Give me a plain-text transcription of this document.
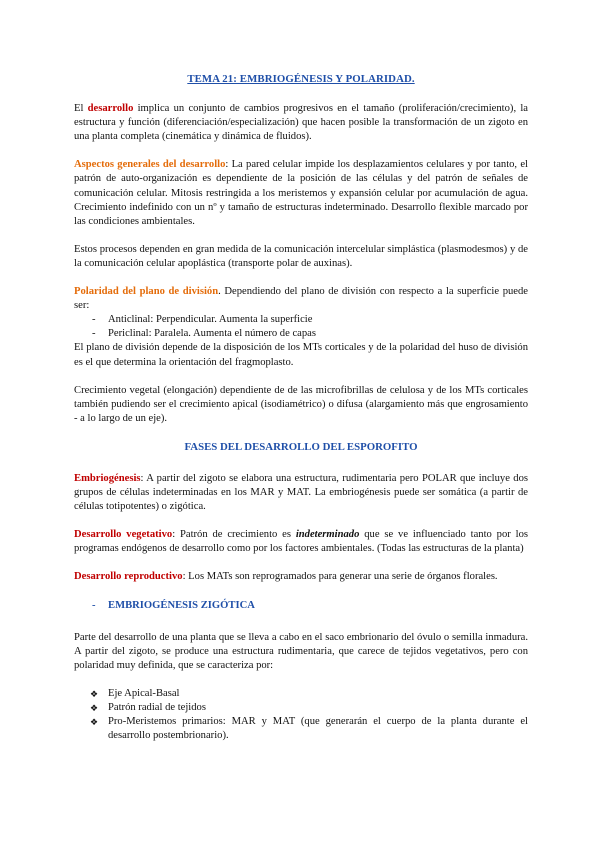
TEMA 21: EMBRIOGÉNESIS Y POLARIDAD.

El desarrollo implica un conjunto de cambios progresivos en el tamaño (proliferación/crecimiento), la estructura y función (diferenciación/especialización) que hacen posible la transformación de un zigoto en una planta completa (cinemática y dinámica de fluidos).

Aspectos generales del desarrollo: La pared celular impide los desplazamientos celulares y por tanto, el patrón de auto-organización es dependiente de la posición de las células y del patrón de señales de comunicación celular. Mitosis restringida a los meristemos y expansión celular por acumulación de agua. Crecimiento indefinido con un nº y tamaño de estructuras indeterminado. Desarrollo flexible marcado por las condiciones ambientales.

Estos procesos dependen en gran medida de la comunicación intercelular simplástica (plasmodesmos) y de la comunicación celular apoplástica (transporte polar de auxinas).

Polaridad del plano de división. Dependiendo del plano de división con respecto a la superficie puede ser:

- Anticlinal: Perpendicular. Aumenta la superficie
- Periclinal: Paralela. Aumenta el número de capas

El plano de división depende de la disposición de los MTs corticales y de la polaridad del huso de división es el que determina la orientación del fragmoplasto.

Crecimiento vegetal (elongación) dependiente de de las microfibrillas de celulosa y de los MTs corticales también pudiendo ser el crecimiento apical (isodiamétrico) o difusa (alargamiento más que engrosamiento - a lo largo de un eje).

FASES DEL DESARROLLO DEL ESPOROFITO

Embriogénesis: A partir del zigoto se elabora una estructura, rudimentaria pero POLAR que incluye dos grupos de células indeterminadas en los MAR y MAT. La embriogénesis puede ser somática (a partir de células totipotentes) o zigótica.

Desarrollo vegetativo: Patrón de crecimiento es indeterminado que se ve influenciado tanto por los programas endógenos de desarrollo como por los factores ambientales. (Todas las estructuras de la planta)

Desarrollo reproductivo: Los MATs son reprogramados para generar una serie de órganos florales.

- EMBRIOGÉNESIS ZIGÓTICA

Parte del desarrollo de una planta que se lleva a cabo en el saco embrionario del óvulo o semilla inmadura. A partir del zigoto, se produce una estructura rudimentaria, que carece de tejidos vegetativos, pero con polaridad muy definida, que se caracteriza por:

❖ Eje Apical-Basal
❖ Patrón radial de tejidos
❖ Pro-Meristemos primarios: MAR y MAT (que generarán el cuerpo de la planta durante el desarrollo postembrionario).
